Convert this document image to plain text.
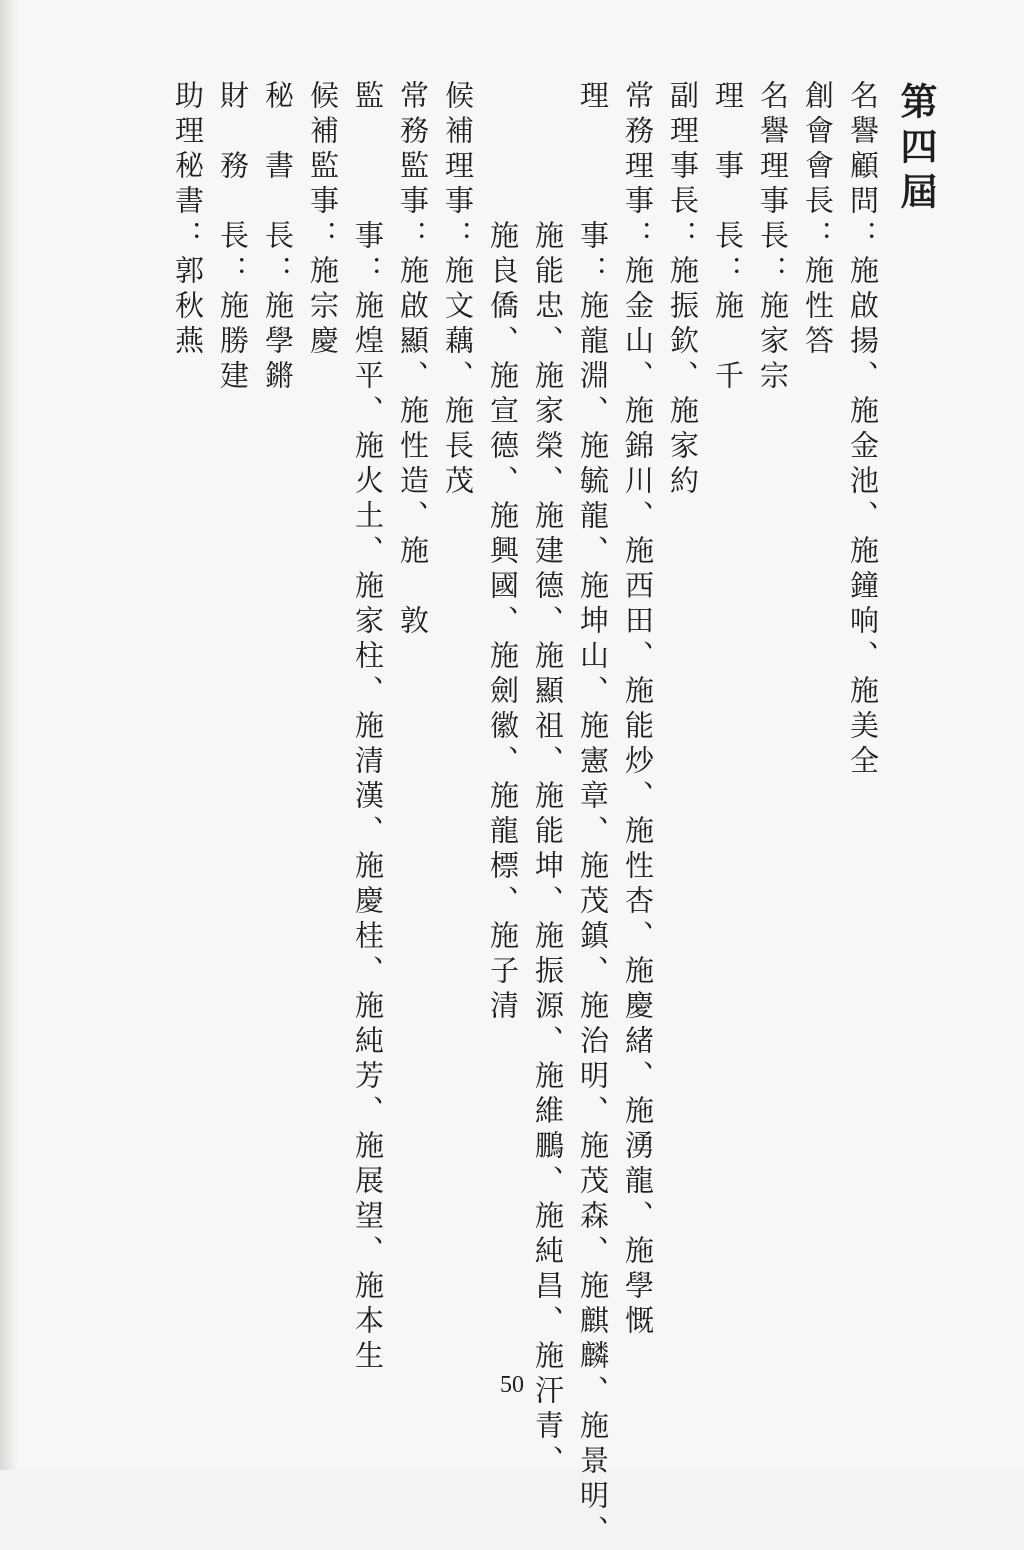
第四屆
名譽顧問：施啟揚、施金池、施鐘响、施美全
創會會長：施性答
名譽理事長：施家宗
理　事　長：施　千
副理事長：施振欽、施家約
常務理事：施金山、施錦川、施西田、施能炒、施性杏、施慶緒、施湧龍、施學慨
理　　　事：施龍淵、施毓龍、施坤山、施憲章、施茂鎮、施治明、施茂森、施麒麟、施景明、
施能忠、施家榮、施建德、施顯祖、施能坤、施振源、施維鵬、施純昌、施汗青、
施良僑、施宣德、施興國、施劍徽、施龍標、施子清
候補理事：施文藕、施長茂
常務監事：施啟顯、施性造、施　敦
監　　　事：施煌平、施火土、施家柱、施清漢、施慶桂、施純芳、施展望、施本生
候補監事：施宗慶
秘　書　長：施學鏘
財　務　長：施勝建
助理秘書：郭秋燕
50
